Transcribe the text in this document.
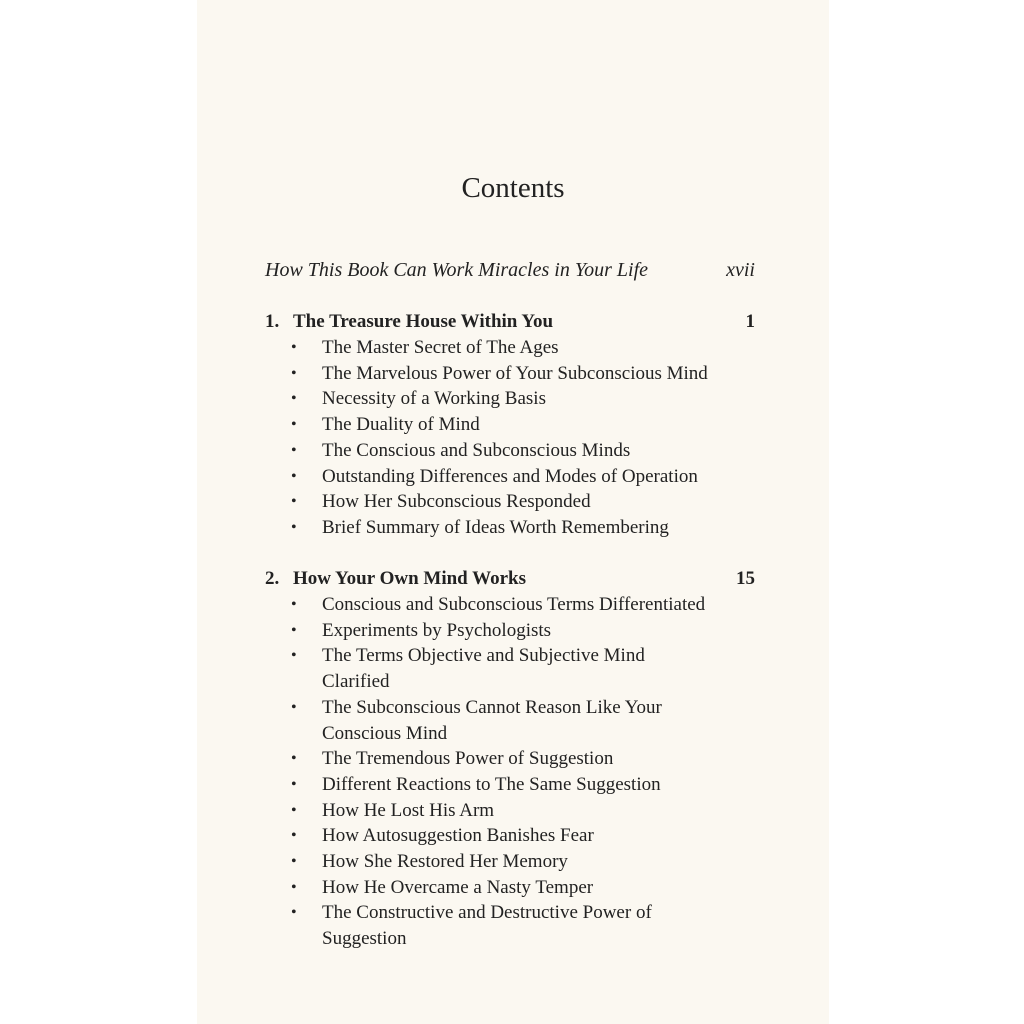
Contents
How This Book Can Work Miracles in Your Life	xvii
1. The Treasure House Within You	1
• The Master Secret of The Ages
• The Marvelous Power of Your Subconscious Mind
• Necessity of a Working Basis
• The Duality of Mind
• The Conscious and Subconscious Minds
• Outstanding Differences and Modes of Operation
• How Her Subconscious Responded
• Brief Summary of Ideas Worth Remembering
2. How Your Own Mind Works	15
• Conscious and Subconscious Terms Differentiated
• Experiments by Psychologists
• The Terms Objective and Subjective Mind Clarified
• The Subconscious Cannot Reason Like Your Conscious Mind
• The Tremendous Power of Suggestion
• Different Reactions to The Same Suggestion
• How He Lost His Arm
• How Autosuggestion Banishes Fear
• How She Restored Her Memory
• How He Overcame a Nasty Temper
• The Constructive and Destructive Power of Suggestion
